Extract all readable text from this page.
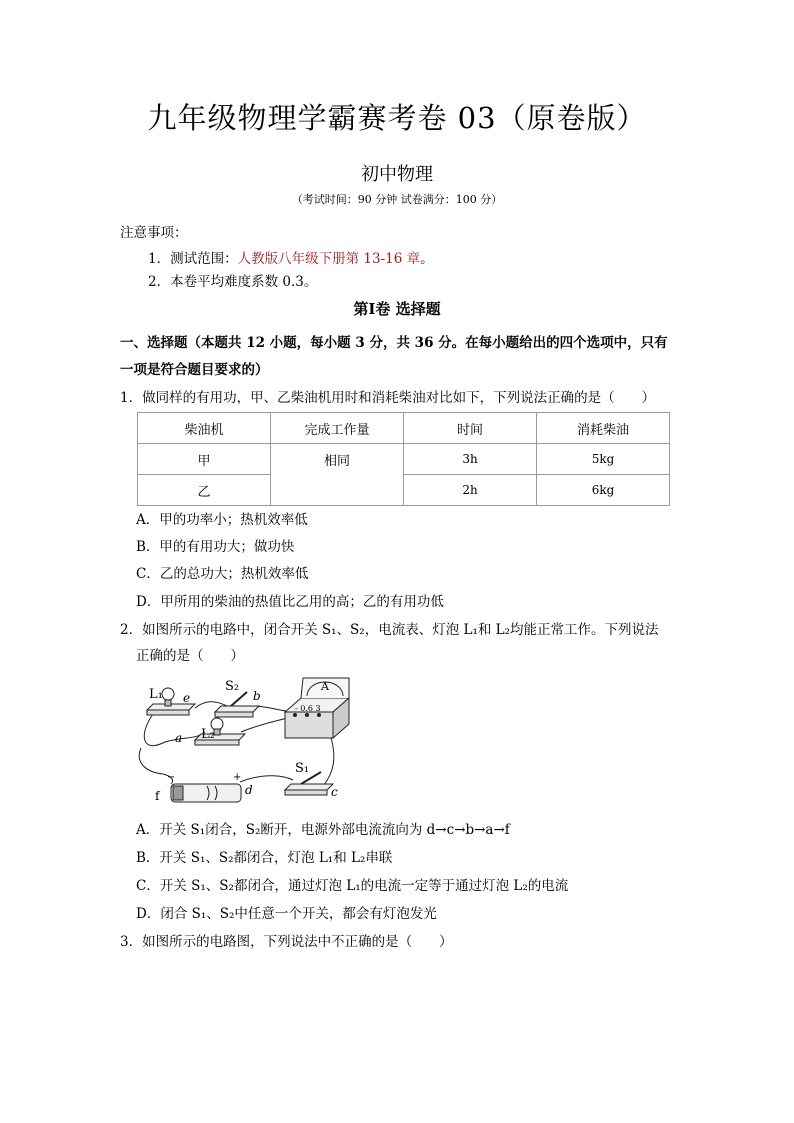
九年级物理学霸赛考卷 03（原卷版）
初中物理
（考试时间：90 分钟 试卷满分：100 分）
注意事项：
1．测试范围：人教版八年级下册第 13-16 章。
2．本卷平均难度系数 0.3。
第Ⅰ卷 选择题
一、选择题（本题共 12 小题，每小题 3 分，共 36 分。在每小题给出的四个选项中，只有
一项是符合题目要求的）
1．做同样的有用功，甲、乙柴油机用时和消耗柴油对比如下，下列说法正确的是（　　）
柴油机	完成工作量	时间	消耗柴油
甲	相同	3h	5kg
乙		2h	6kg
A．甲的功率小；热机效率低
B．甲的有用功大；做功快
C．乙的总功大；热机效率低
D．甲所用的柴油的热值比乙用的高；乙的有用功低
2．如图所示的电路中，闭合开关 S₁、S₂，电流表、灯泡 L₁和 L₂均能正常工作。下列说法
正确的是（　　）
L₁ e
S₂
b
A
- 0.6 3
a L₂
−	+
f	d
S₁
c
A．开关 S₁闭合，S₂断开，电源外部电流流向为 d→c→b→a→f
B．开关 S₁、S₂都闭合，灯泡 L₁和 L₂串联
C．开关 S₁、S₂都闭合，通过灯泡 L₁的电流一定等于通过灯泡 L₂的电流
D．闭合 S₁、S₂中任意一个开关，都会有灯泡发光
3．如图所示的电路图，下列说法中不正确的是（　　）
